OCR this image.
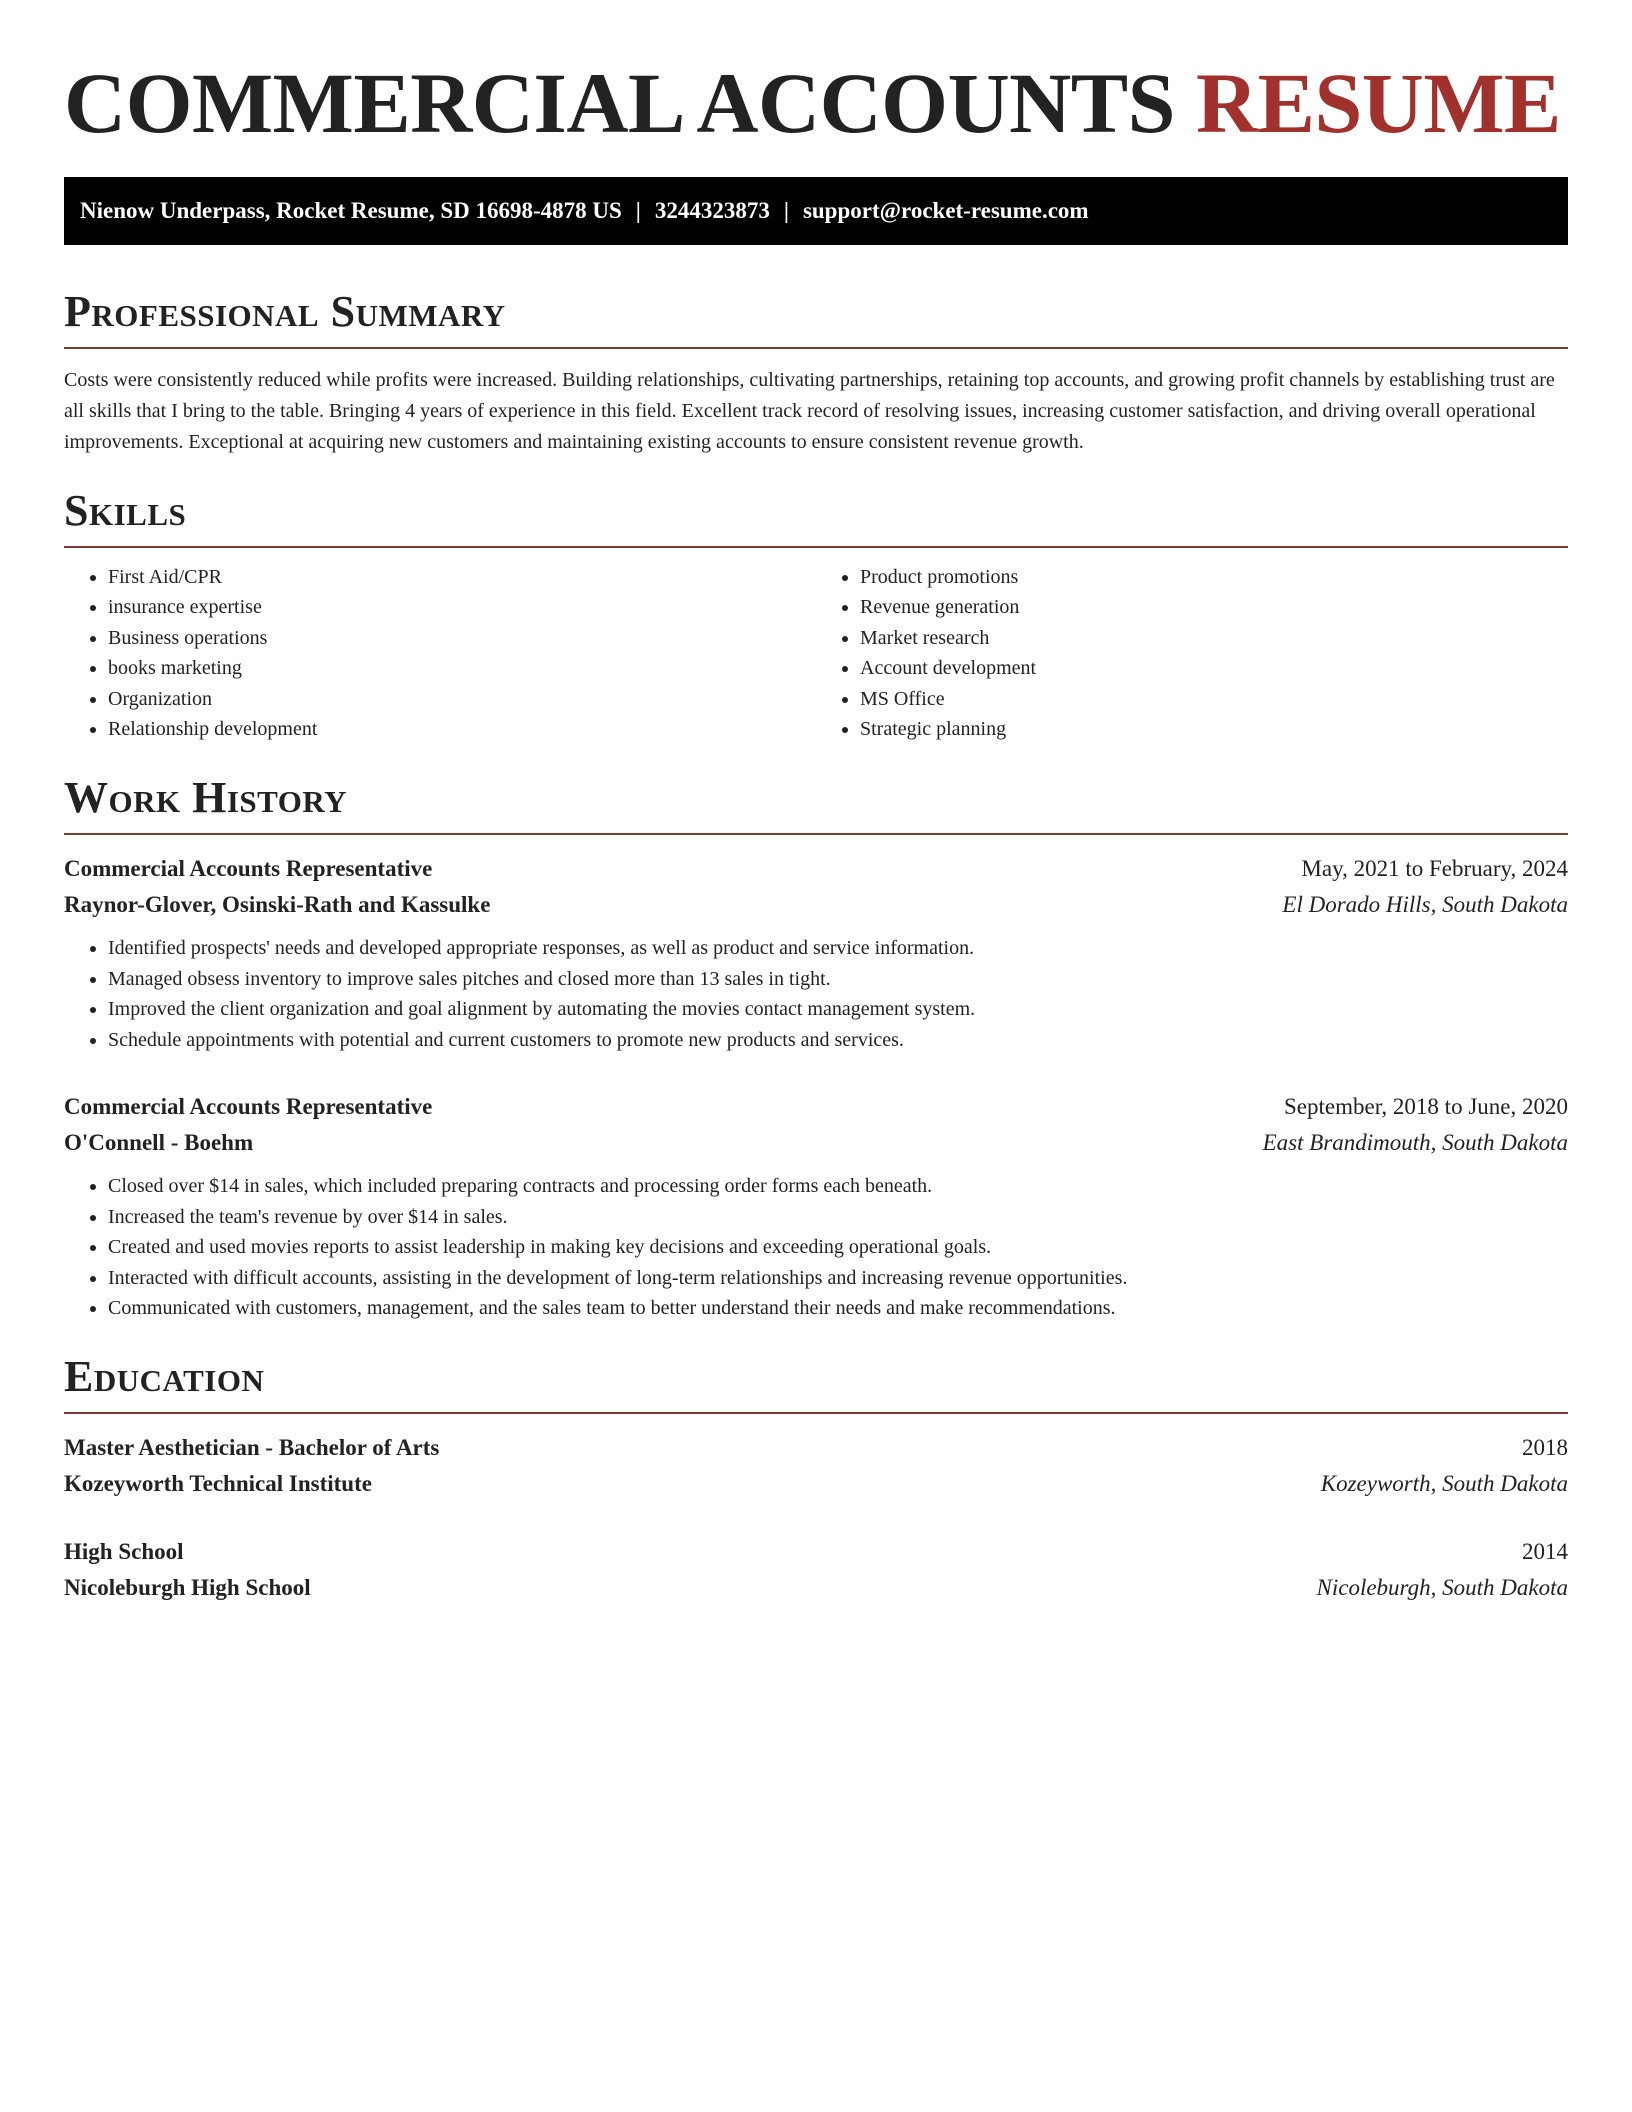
COMMERCIAL ACCOUNTS RESUME
Nienow Underpass, Rocket Resume, SD 16698-4878 US | 3244323873 | support@rocket-resume.com
Professional Summary

Costs were consistently reduced while profits were increased. Building relationships, cultivating partnerships, retaining top accounts, and growing profit channels by establishing trust are all skills that I bring to the table. Bringing 4 years of experience in this field. Excellent track record of resolving issues, increasing customer satisfaction, and driving overall operational improvements. Exceptional at acquiring new customers and maintaining existing accounts to ensure consistent revenue growth.

Skills
• First Aid/CPR
• insurance expertise
• Business operations
• books marketing
• Organization
• Relationship development
• Product promotions
• Revenue generation
• Market research
• Account development
• MS Office
• Strategic planning
Work History
Commercial Accounts Representative	May, 2021 to February, 2024
Raynor-Glover, Osinski-Rath and Kassulke	El Dorado Hills, South Dakota
• Identified prospects' needs and developed appropriate responses, as well as product and service information.
• Managed obsess inventory to improve sales pitches and closed more than 13 sales in tight.
• Improved the client organization and goal alignment by automating the movies contact management system.
• Schedule appointments with potential and current customers to promote new products and services.
Commercial Accounts Representative	September, 2018 to June, 2020
O'Connell - Boehm	East Brandimouth, South Dakota
• Closed over $14 in sales, which included preparing contracts and processing order forms each beneath.
• Increased the team's revenue by over $14 in sales.
• Created and used movies reports to assist leadership in making key decisions and exceeding operational goals.
• Interacted with difficult accounts, assisting in the development of long-term relationships and increasing revenue opportunities.
• Communicated with customers, management, and the sales team to better understand their needs and make recommendations.
Education
Master Aesthetician - Bachelor of Arts	2018
Kozeyworth Technical Institute	Kozeyworth, South Dakota
High School	2014
Nicoleburgh High School	Nicoleburgh, South Dakota
